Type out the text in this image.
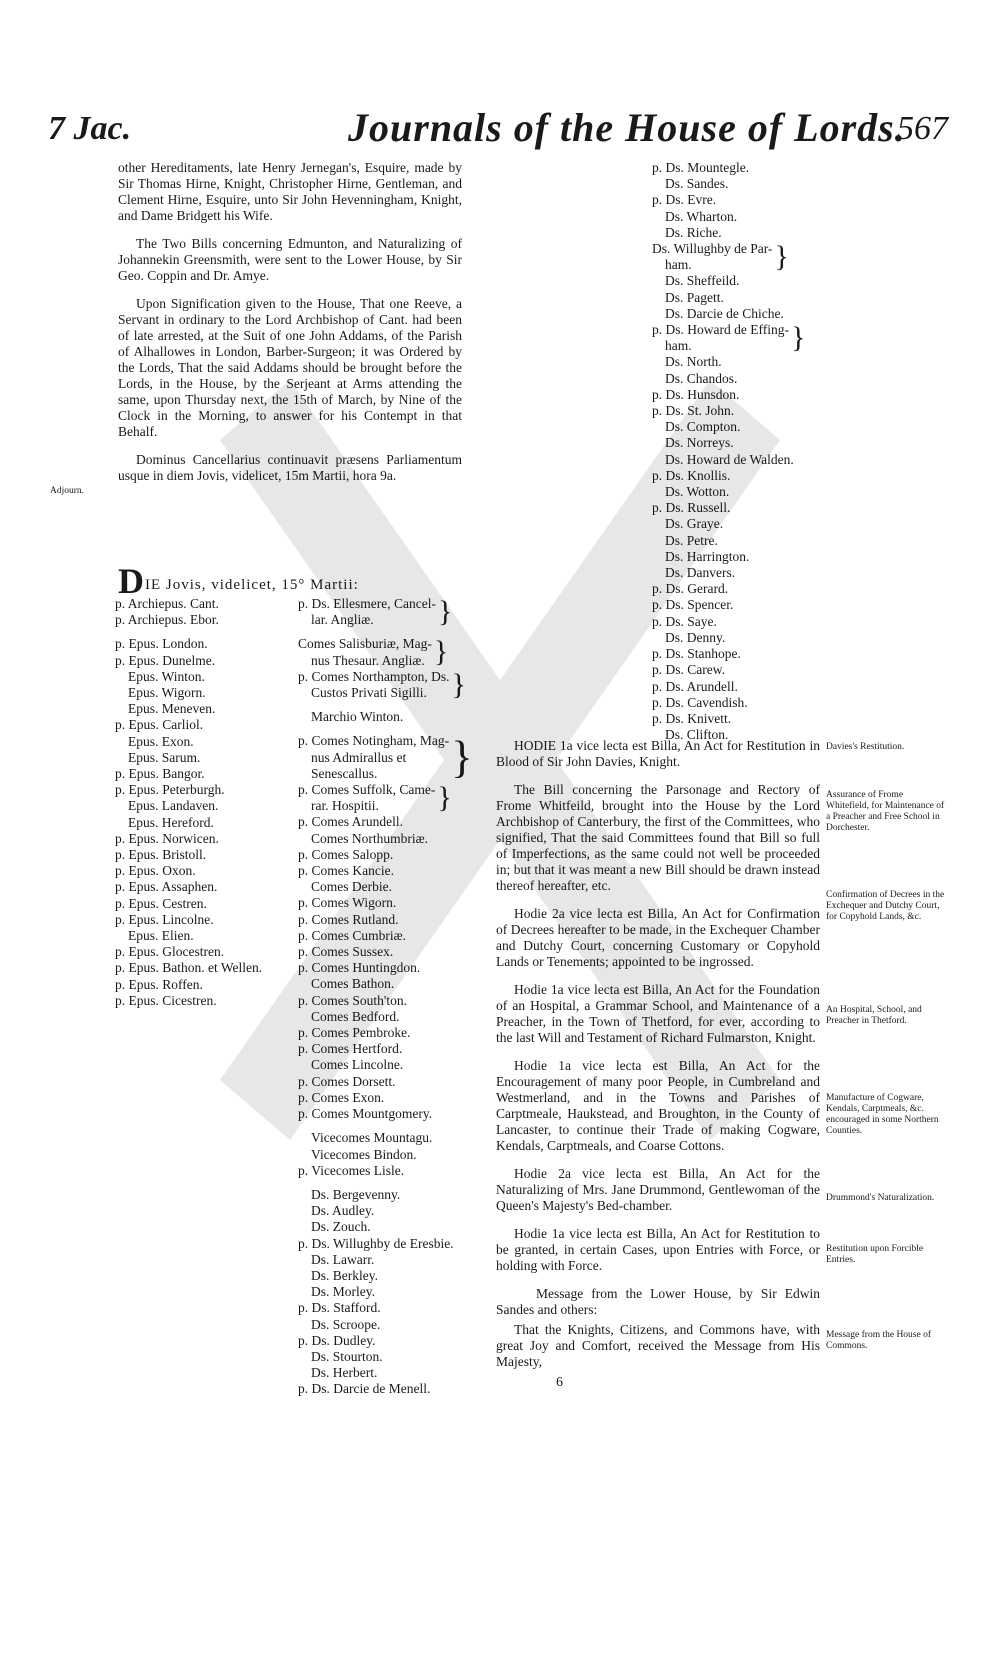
7 Jac.	Journals of the House of Lords.
567

other Hereditaments, late Henry Jernegan's, Esquire, made by Sir Thomas Hirne, Knight, Christopher Hirne, Gentleman, and Clement Hirne, Esquire, unto Sir John Hevenningham, Knight, and Dame Bridgett his Wife.

The Two Bills concerning Edmunton, and Naturalizing of Johannekin Greensmith, were sent to the Lower House, by Sir Geo. Coppin and Dr. Amye.

Upon Signification given to the House, That one Reeve, a Servant in ordinary to the Lord Archbishop of Cant. had been of late arrested, at the Suit of one John Addams, of the Parish of Alhallowes in London, Barber-Surgeon; it was Ordered by the Lords, That the said Addams should be brought before the Lords, in the House, by the Serjeant at Arms attending the same, upon Thursday next, the 15th of March, by Nine of the Clock in the Morning, to answer for his Contempt in that Behalf.

Dominus Cancellarius continuavit præsens Parliamentum usque in diem Jovis, videlicet, 15m Martii, hora 9a.

Adjourn.
DIE Jovis, videlicet, 15° Martii:
p. Archiepus. Cant.
p. Archiepus. Ebor.
p. Epus. London.
p. Epus. Dunelme.
Epus. Winton.
Epus. Wigorn.
Epus. Meneven.
p. Epus. Carliol.
Epus. Exon.
Epus. Sarum.
p. Epus. Bangor.
p. Epus. Peterburgh.
Epus. Landaven.
Epus. Hereford.
p. Epus. Norwicen.
p. Epus. Bristoll.
p. Epus. Oxon.
p. Epus. Assaphen.
p. Epus. Cestren.
p. Epus. Lincolne.
Epus. Elien.
p. Epus. Glocestren.
p. Epus. Bathon. et Wellen.
p. Epus. Roffen.
p. Epus. Cicestren.
p. Ds. Ellesmere, Cancel-
lar. Angliæ.	}
Comes Salisburiæ, Mag-
nus Thesaur. Angliæ. }
p. Comes Northampton, Ds.
Custos Privati Sigilli. }
Marchio Winton.
p. Comes Notingham, Mag-
nus Admirallus et
Senescallus.	}
p. Comes Suffolk, Came-
rar. Hospitii.	}
p. Comes Arundell.
Comes Northumbriæ.
p. Comes Salopp.
p. Comes Kancie.
Comes Derbie.
p. Comes Wigorn.
p. Comes Rutland.
p. Comes Cumbriæ.
p. Comes Sussex.
p. Comes Huntingdon.
Comes Bathon.
p. Comes South'ton.
Comes Bedford.
p. Comes Pembroke.
p. Comes Hertford.
Comes Lincolne.
p. Comes Dorsett.
p. Comes Exon.
p. Comes Mountgomery.
Vicecomes Mountagu.
Vicecomes Bindon.
p. Vicecomes Lisle.
Ds. Bergevenny.
Ds. Audley.
Ds. Zouch.
p. Ds. Willughby de Eresbie.
Ds. Lawarr.
Ds. Berkley.
Ds. Morley.
p. Ds. Stafford.
Ds. Scroope.
p. Ds. Dudley.
Ds. Stourton.
Ds. Herbert.
p. Ds. Darcie de Menell.
p. Ds. Mountegle.
Ds. Sandes.
p. Ds. Evre.
Ds. Wharton.
Ds. Riche.
Ds. Willughby de Par-
ham.	}
Ds. Sheffeild.
Ds. Pagett.
Ds. Darcie de Chiche.
p. Ds. Howard de Effing-
ham.	}
Ds. North.
Ds. Chandos.
p. Ds. Hunsdon.
p. Ds. St. John.
Ds. Compton.
Ds. Norreys.
Ds. Howard de Walden.
p. Ds. Knollis.
Ds. Wotton.
p. Ds. Russell.
Ds. Graye.
Ds. Petre.
Ds. Harrington.
Ds. Danvers.
p. Ds. Gerard.
p. Ds. Spencer.
p. Ds. Saye.
Ds. Denny.
p. Ds. Stanhope.
p. Ds. Carew.
p. Ds. Arundell.
p. Ds. Cavendish.
p. Ds. Knivett.
Ds. Clifton.

HODIE 1a vice lecta est Billa, An Act for Restitution in Blood of Sir John Davies, Knight.

The Bill concerning the Parsonage and Rectory of Frome Whitfeild, brought into the House by the Lord Archbishop of Canterbury, the first of the Committees, who signified, That the said Committees found that Bill so full of Imperfections, as the same could not well be proceeded in; but that it was meant a new Bill should be drawn instead thereof hereafter, etc.

Hodie 2a vice lecta est Billa, An Act for Confirmation of Decrees hereafter to be made, in the Exchequer Chamber and Dutchy Court, concerning Customary or Copyhold Lands or Tenements; appointed to be ingrossed.

Hodie 1a vice lecta est Billa, An Act for the Foundation of an Hospital, a Grammar School, and Maintenance of a Preacher, in the Town of Thetford, for ever, according to the last Will and Testament of Richard Fulmarston, Knight.

Hodie 1a vice lecta est Billa, An Act for the Encouragement of many poor People, in Cumbreland and Westmerland, and in the Towns and Parishes of Carptmeale, Haukstead, and Broughton, in the County of Lancaster, to continue their Trade of making Cogware, Kendals, Carptmeals, and Coarse Cottons.

Hodie 2a vice lecta est Billa, An Act for the Naturalizing of Mrs. Jane Drummond, Gentlewoman of the Queen's Majesty's Bed-chamber.

Hodie 1a vice lecta est Billa, An Act for Restitution to be granted, in certain Cases, upon Entries with Force, or holding with Force.

Message from the Lower House, by Sir Edwin Sandes and others:

That the Knights, Citizens, and Commons have, with great Joy and Comfort, received the Message from His Majesty,

Davies's Restitution.
Assurance of Frome Whitefield, for Maintenance of a Preacher and Free School in Dorchester.
Confirmation of Decrees in the Exchequer and Dutchy Court, for Copyhold Lands, &c.
An Hospital, School, and Preacher in Thetford.
Manufacture of Cogware, Kendals, Carptmeals, &c. encouraged in some Northern Counties.
Drummond's Naturalization.
Restitution upon Forcible Entries.
Message from the House of Commons.
6
